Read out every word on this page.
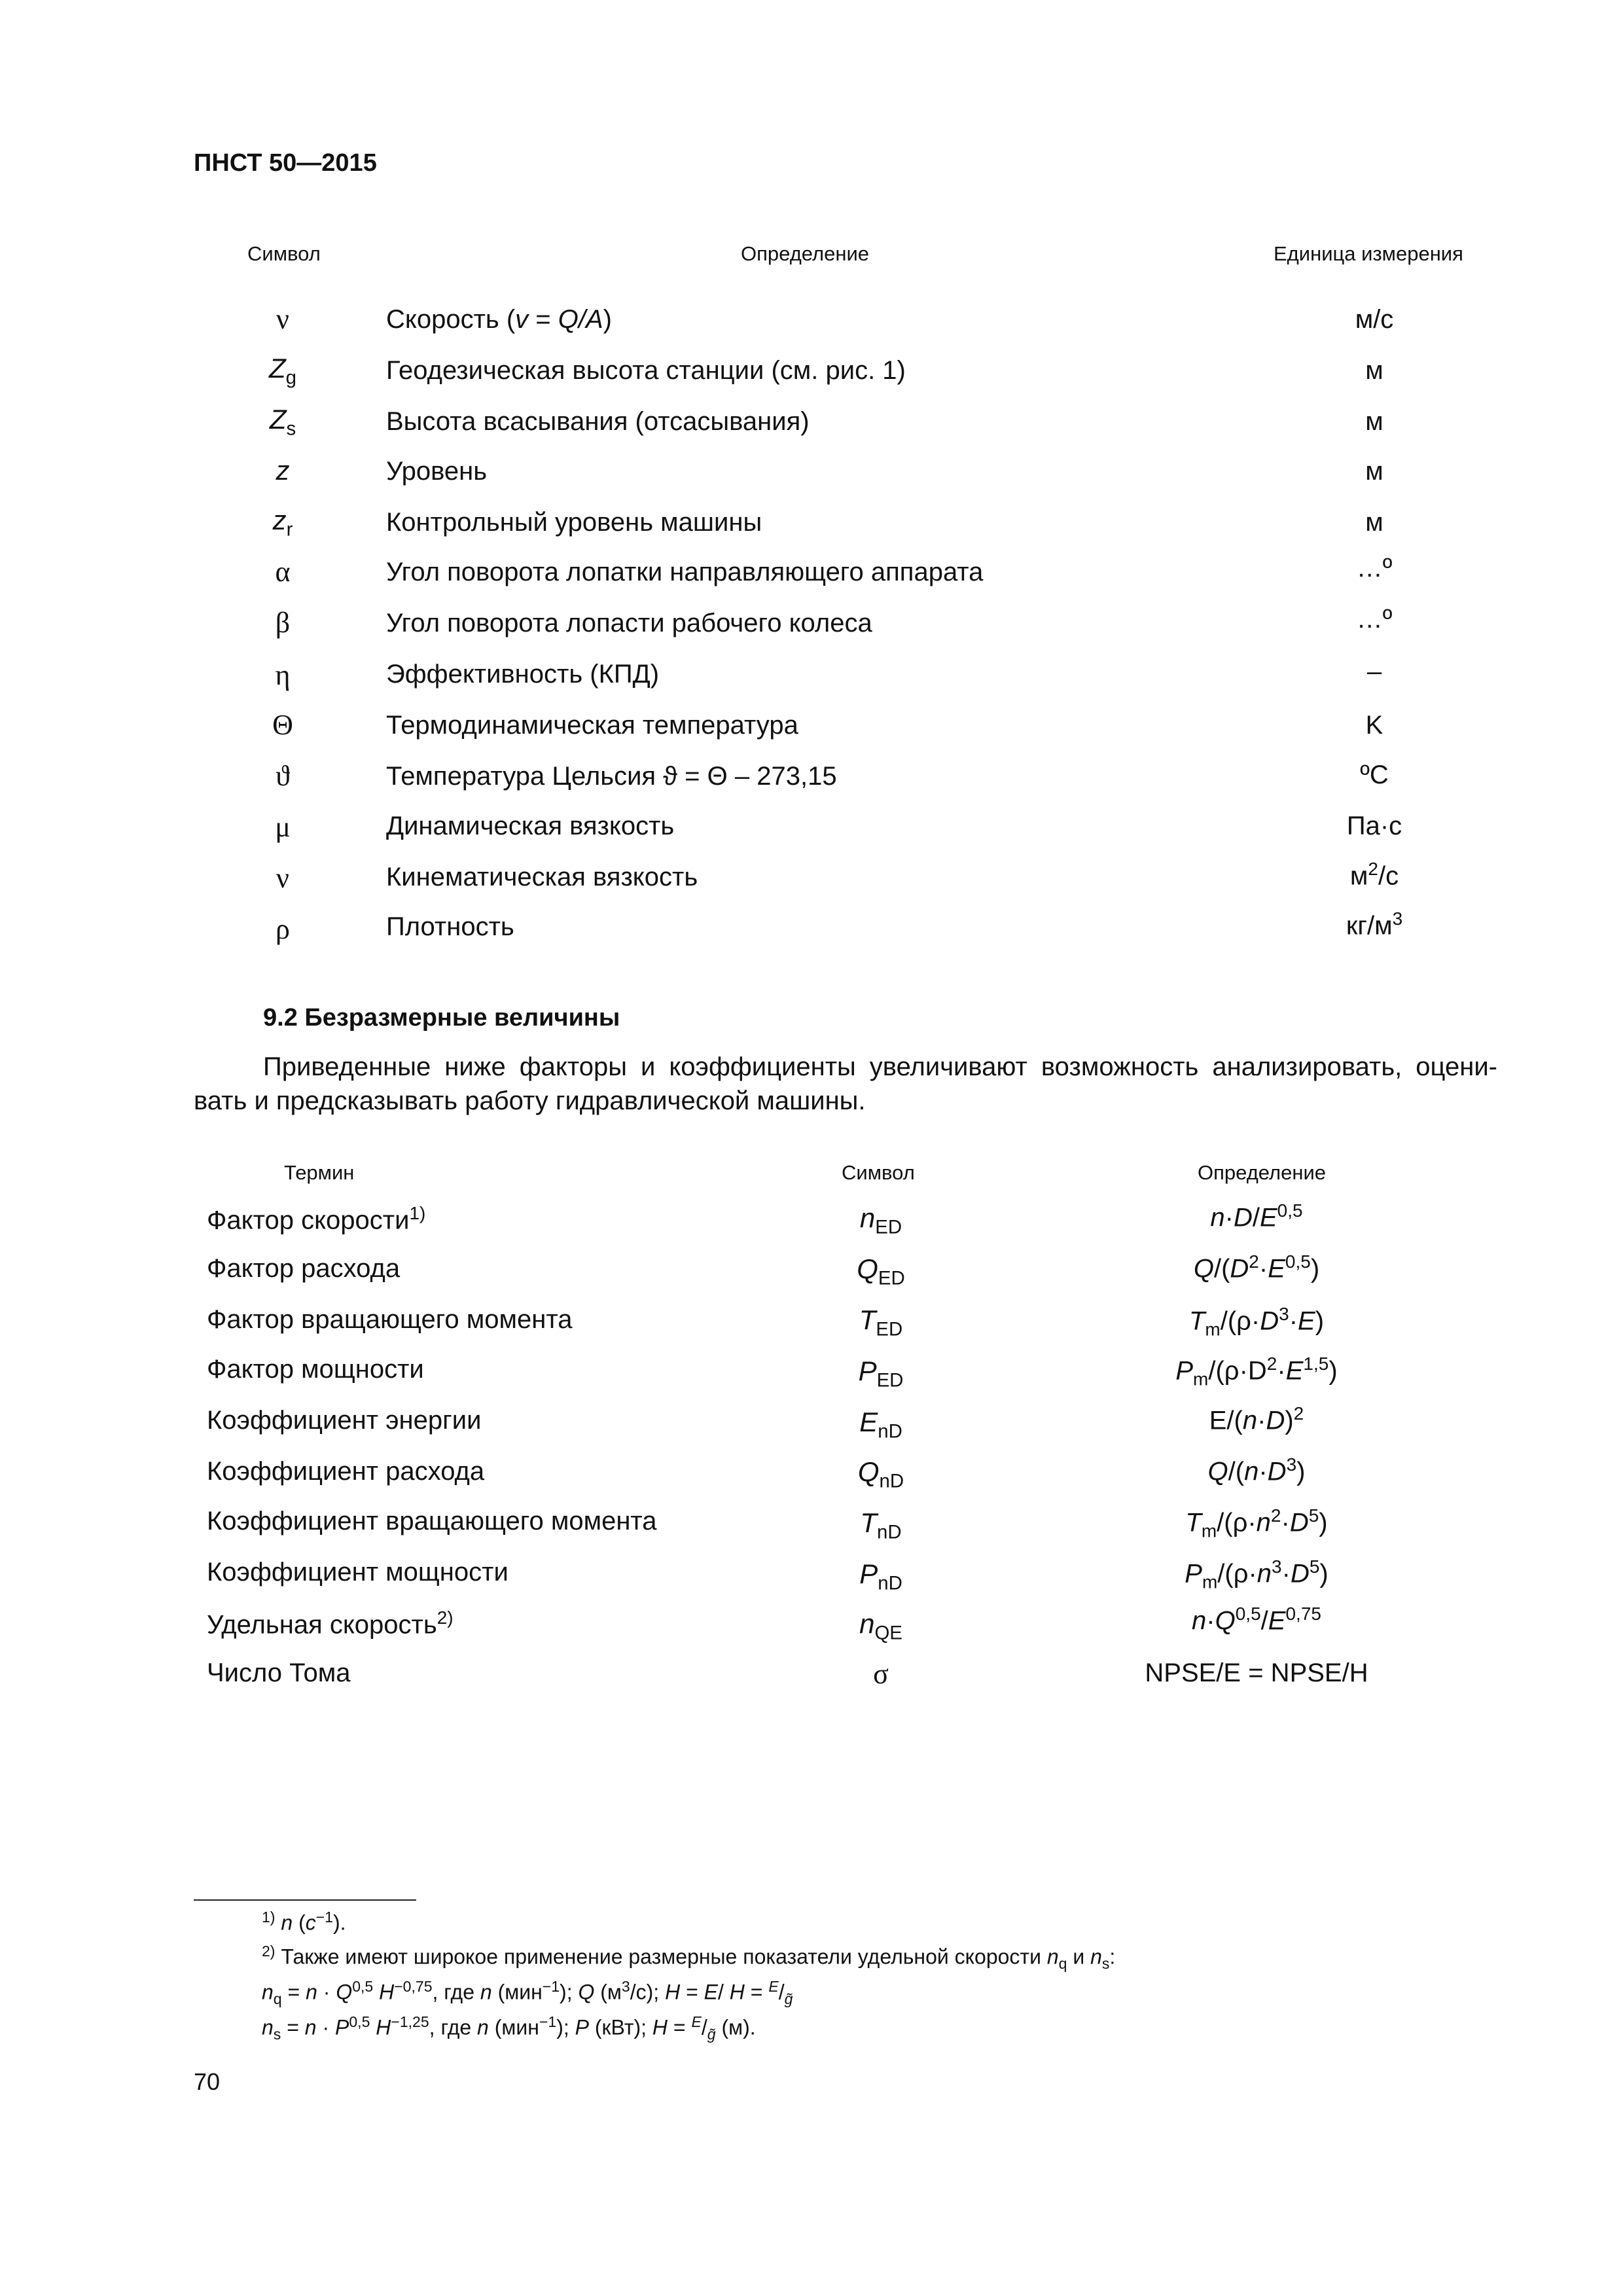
ПНСТ 50—2015
Символ	Определение	Единица измерения
ν	Скорость (v = Q/A)	м/с
$Z_g$	Геодезическая высота станции (см. рис. 1)	м
$Z_s$	Высота всасывания (отсасывания)	м
z	Уровень	м
$z_r$	Контрольный уровень машины	м
α	Угол поворота лопатки направляющего аппарата	…º
β	Угол поворота лопасти рабочего колеса	…º
η	Эффективность (КПД)	–
Θ	Термодинамическая температура	K
ϑ	Температура Цельсия ϑ = Θ – 273,15	ºC
μ	Динамическая вязкость	Па·с
ν	Кинематическая вязкость	$м^2/с$
ρ	Плотность	$кг/м^3$
9.2 Безразмерные величины
Приведенные ниже факторы и коэффициенты увеличивают возможность анализировать, оцени-
вать и предсказывать работу гидравлической машины.
Термин	Символ	Определение
Фактор скорости$^{1)}$	$n_{ED}$	$n\cdot D/E^{0,5}$
Фактор расхода	$Q_{ED}$	$Q/(D^2\cdot E^{0,5})$
Фактор вращающего момента	$T_{ED}$	$T_m/(\rho\cdot D^3\cdot E)$
Фактор мощности	$P_{ED}$	$P_m/(\rho\cdot D^2\cdot E^{1,5})$
Коэффициент энергии	$E_{nD}$	$E/(n\cdot D)^2$
Коэффициент расхода	$Q_{nD}$	$Q/(n\cdot D^3)$
Коэффициент вращающего момента	$T_{nD}$	$T_m/(\rho\cdot n^2\cdot D^5)$
Коэффициент мощности	$P_{nD}$	$P_m/(\rho\cdot n^3\cdot D^5)$
Удельная скорость$^{2)}$	$n_{QE}$	$n\cdot Q^{0,5}/E^{0,75}$
Число Тома	σ	NPSE/E = NPSE/H
$^{1)}$ n $(c^{-1})$.
$^{2)}$ Также имеют широкое применение размерные показатели удельной скорости $n_q$ и $n_s$:
$n_q = n \cdot Q^{0,5}$ $H^{-0,75}$, где n (мин$^{-1}$); Q $(м^3/с)$; H = E/ $H = ^E/_{g̃}$
$n_s = n \cdot P^{0,5}$ $H^{-1,25}$, где n (мин$^{-1}$); P (кВт); $H = ^E/_{g̃}$ (м).
70
